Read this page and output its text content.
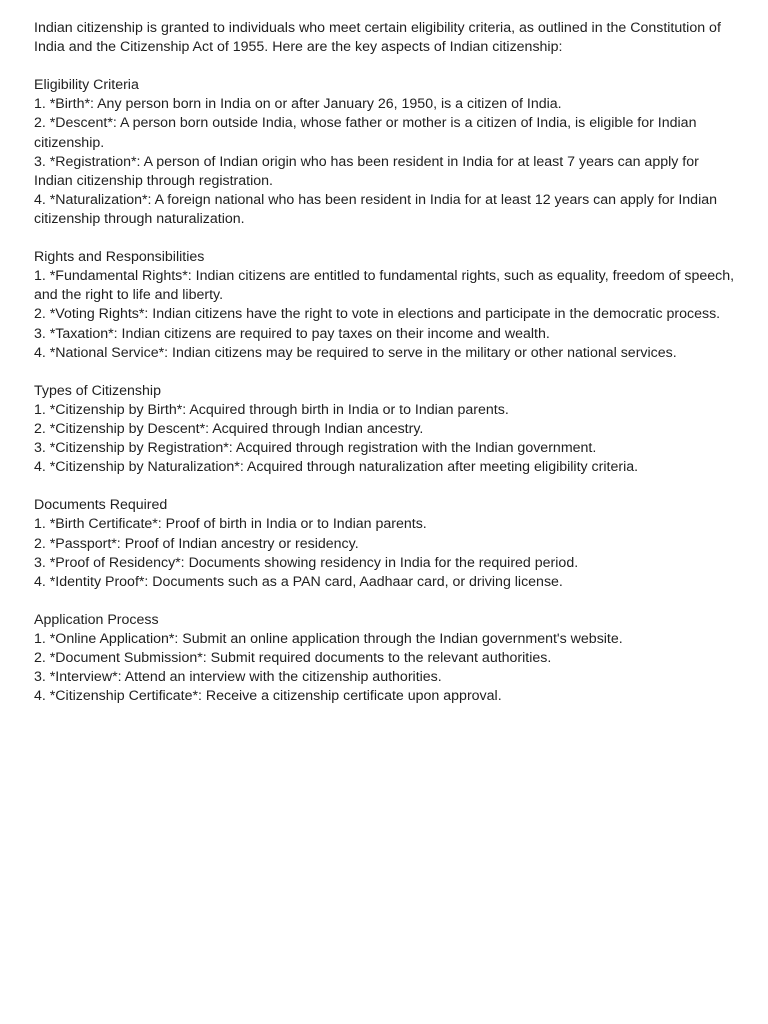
Indian citizenship is granted to individuals who meet certain eligibility criteria, as outlined in the Constitution of India and the Citizenship Act of 1955. Here are the key aspects of Indian citizenship:

Eligibility Criteria
1. *Birth*: Any person born in India on or after January 26, 1950, is a citizen of India.
2. *Descent*: A person born outside India, whose father or mother is a citizen of India, is eligible for Indian citizenship.
3. *Registration*: A person of Indian origin who has been resident in India for at least 7 years can apply for Indian citizenship through registration.
4. *Naturalization*: A foreign national who has been resident in India for at least 12 years can apply for Indian citizenship through naturalization.
Rights and Responsibilities
1. *Fundamental Rights*: Indian citizens are entitled to fundamental rights, such as equality, freedom of speech, and the right to life and liberty.
2. *Voting Rights*: Indian citizens have the right to vote in elections and participate in the democratic process.
3. *Taxation*: Indian citizens are required to pay taxes on their income and wealth.
4. *National Service*: Indian citizens may be required to serve in the military or other national services.
Types of Citizenship
1. *Citizenship by Birth*: Acquired through birth in India or to Indian parents.
2. *Citizenship by Descent*: Acquired through Indian ancestry.
3. *Citizenship by Registration*: Acquired through registration with the Indian government.
4. *Citizenship by Naturalization*: Acquired through naturalization after meeting eligibility criteria.
Documents Required
1. *Birth Certificate*: Proof of birth in India or to Indian parents.
2. *Passport*: Proof of Indian ancestry or residency.
3. *Proof of Residency*: Documents showing residency in India for the required period.
4. *Identity Proof*: Documents such as a PAN card, Aadhaar card, or driving license.
Application Process
1. *Online Application*: Submit an online application through the Indian government's website.
2. *Document Submission*: Submit required documents to the relevant authorities.
3. *Interview*: Attend an interview with the citizenship authorities.
4. *Citizenship Certificate*: Receive a citizenship certificate upon approval.
